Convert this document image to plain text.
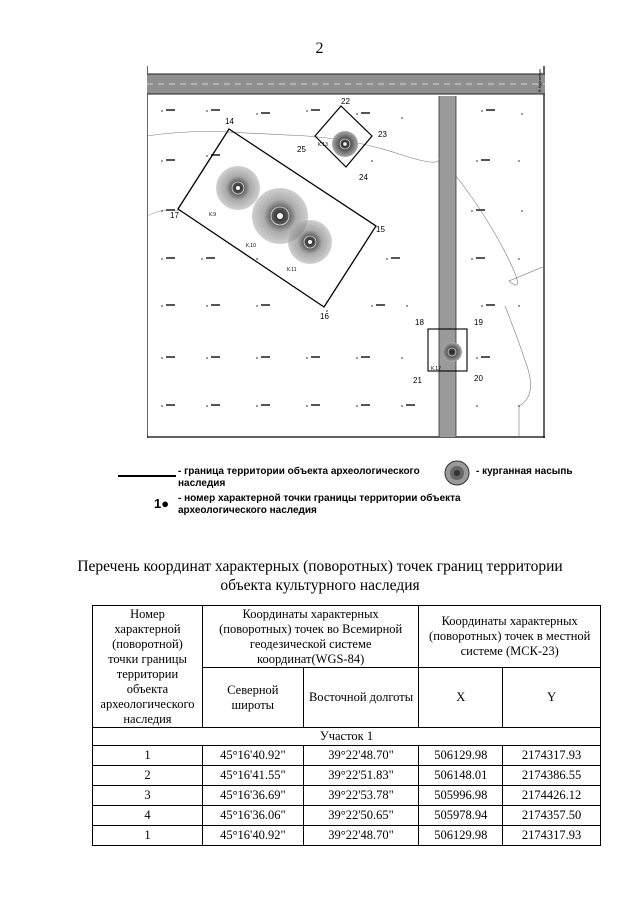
2
14
15
16
17
18	19
20
21
22
23
24
25
К.9
К.10
К.11
К.12
К.13
В Курганную
- граница территории объекта археологического наследия
- курганная насыпь
1● - номер характерной точки границы территории объекта археологического наследия
Перечень координат характерных (поворотных) точек границ территории
объекта культурного наследия
Номер характерной (поворотной) точки границы территории объекта археологического наследия	Координаты характерных (поворотных) точек во Всемирной геодезической системе координат(WGS-84)		Координаты характерных (поворотных) точек в местной системе (МСК-23)	
	Северной широты	Восточной долготы	X	Y
Участок 1				
1	45°16'40.92"	39°22'48.70"	506129.98	2174317.93
2	45°16'41.55"	39°22'51.83"	506148.01	2174386.55
3	45°16'36.69"	39°22'53.78"	505996.98	2174426.12
4	45°16'36.06"	39°22'50.65"	505978.94	2174357.50
1	45°16'40.92"	39°22'48.70"	506129.98	2174317.93
